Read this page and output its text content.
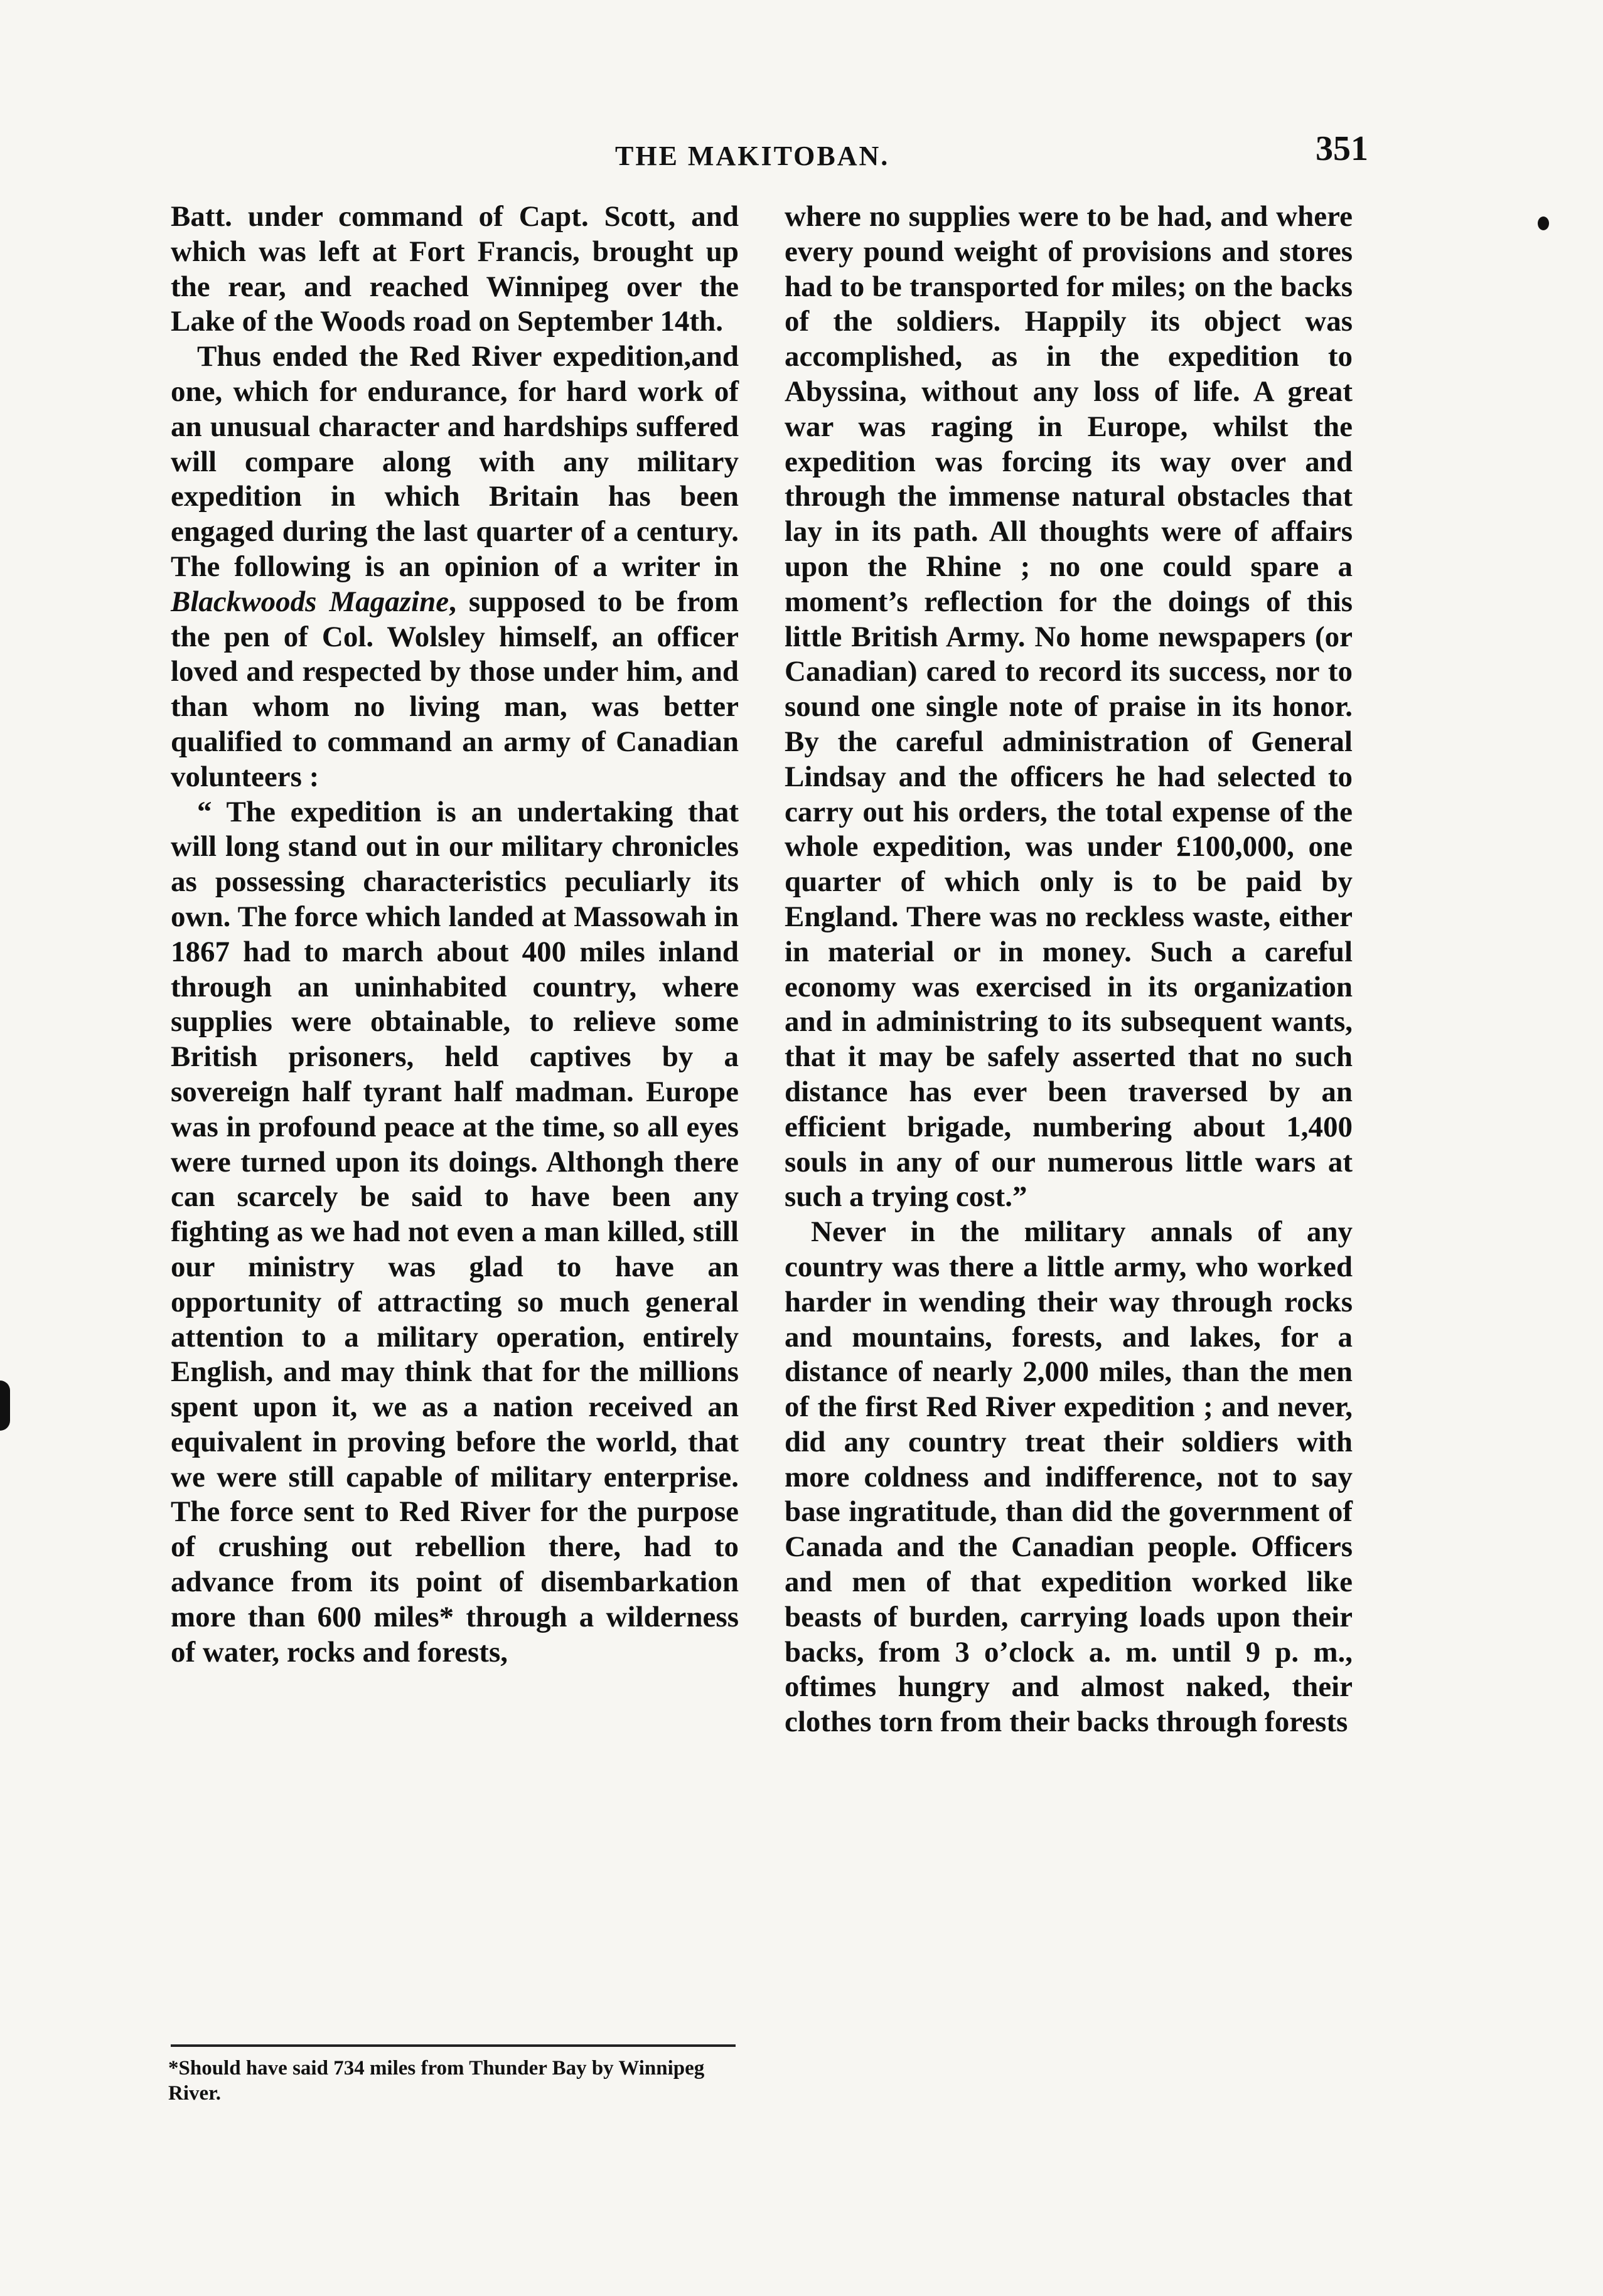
THE MAKITOBAN.	351

Batt. under command of Capt. Scott, and which was left at Fort Francis, brought up the rear, and reached Winnipeg over the Lake of the Woods road on September 14th.

Thus ended the Red River expedition,and one, which for endurance, for hard work of an unusual character and hardships suffered will compare along with any military expedition in which Britain has been engaged during the last quarter of a century. The following is an opinion of a writer in Blackwoods Magazine, supposed to be from the pen of Col. Wolsley himself, an officer loved and respected by those under him, and than whom no living man, was better qualified to command an army of Canadian volunteers :

“ The expedition is an undertaking that will long stand out in our military chronicles as possessing characteristics peculiarly its own. The force which landed at Massowah in 1867 had to march about 400 miles inland through an uninhabited country, where supplies were obtainable, to relieve some British prisoners, held captives by a sovereign half tyrant half madman. Europe was in profound peace at the time, so all eyes were turned upon its doings. Althongh there can scarcely be said to have been any fighting as we had not even a man killed, still our ministry was glad to have an opportunity of attracting so much general attention to a military operation, entirely English, and may think that for the millions spent upon it, we as a nation received an equivalent in proving before the world, that we were still capable of military enterprise. The force sent to Red River for the purpose of crushing out rebellion there, had to advance from its point of disembarkation more than 600 miles* through a wilderness of water, rocks and forests,

where no supplies were to be had, and where every pound weight of provisions and stores had to be transported for miles; on the backs of the soldiers. Happily its object was accomplished, as in the expedition to Abyssina, without any loss of life. A great war was raging in Europe, whilst the expedition was forcing its way over and through the immense natural obstacles that lay in its path. All thoughts were of affairs upon the Rhine ; no one could spare a moment’s reflection for the doings of this little British Army. No home newspapers (or Canadian) cared to record its success, nor to sound one single note of praise in its honor. By the careful administration of General Lindsay and the officers he had selected to carry out his orders, the total expense of the whole expedition, was under £100,000, one quarter of which only is to be paid by England. There was no reckless waste, either in material or in money. Such a careful economy was exercised in its organization and in administring to its subsequent wants, that it may be safely asserted that no such distance has ever been traversed by an efficient brigade, numbering about 1,400 souls in any of our numerous little wars at such a trying cost.”

Never in the military annals of any country was there a little army, who worked harder in wending their way through rocks and mountains, forests, and lakes, for a distance of nearly 2,000 miles, than the men of the first Red River expedition ; and never, did any country treat their soldiers with more coldness and indifference, not to say base ingratitude, than did the government of Canada and the Canadian people. Officers and men of that expedition worked like beasts of burden, carrying loads upon their backs, from 3 o’clock a. m. until 9 p. m., oftimes hungry and almost naked, their clothes torn from their backs through forests

*Should have said 734 miles from Thunder Bay by Winnipeg River.
